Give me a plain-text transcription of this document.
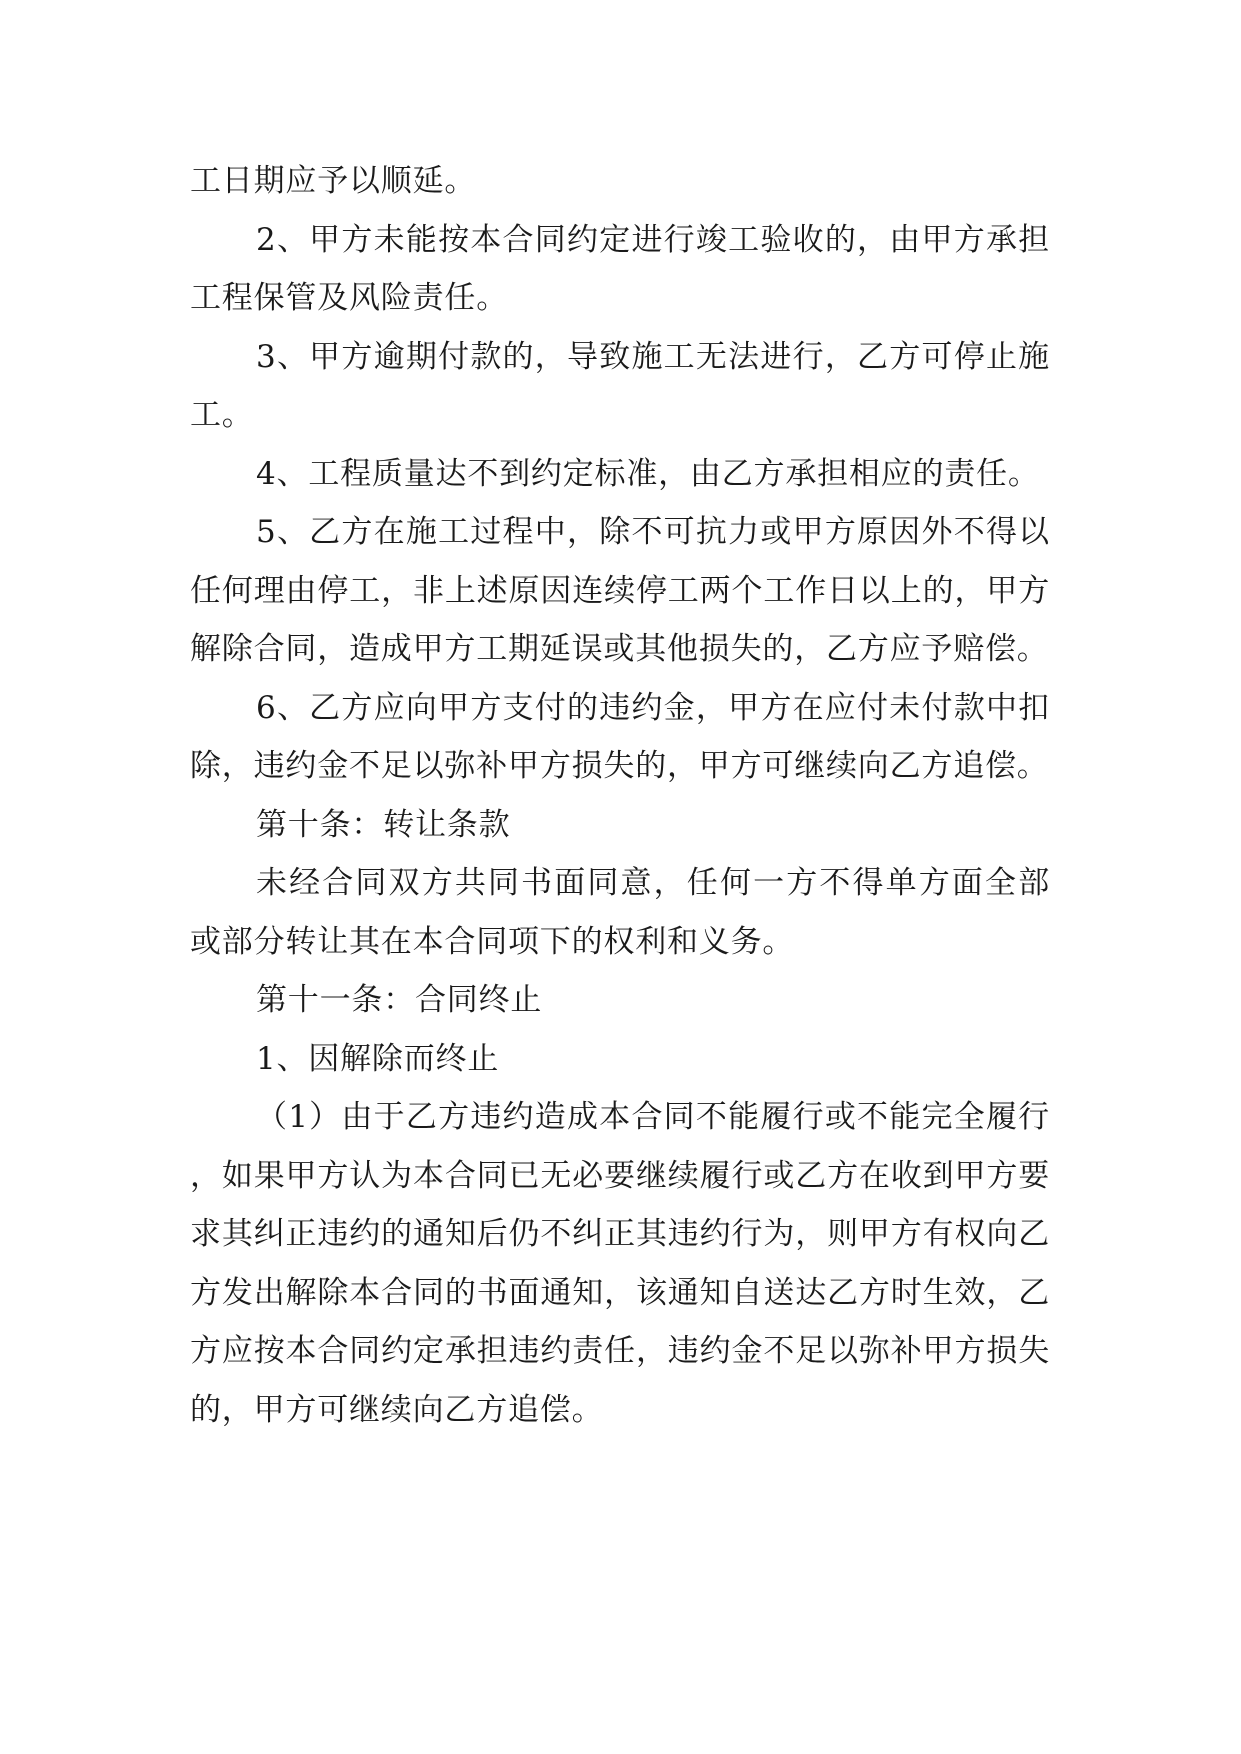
工日期应予以顺延。

2、甲方未能按本合同约定进行竣工验收的，由甲方承担工程保管及风险责任。

3、甲方逾期付款的，导致施工无法进行，乙方可停止施工。

4、工程质量达不到约定标准，由乙方承担相应的责任。

5、乙方在施工过程中，除不可抗力或甲方原因外不得以任何理由停工，非上述原因连续停工两个工作日以上的，甲方解除合同，造成甲方工期延误或其他损失的，乙方应予赔偿。

6、乙方应向甲方支付的违约金，甲方在应付未付款中扣除，违约金不足以弥补甲方损失的，甲方可继续向乙方追偿。

第十条：转让条款

未经合同双方共同书面同意，任何一方不得单方面全部或部分转让其在本合同项下的权利和义务。

第十一条：合同终止

1、因解除而终止

（1）由于乙方违约造成本合同不能履行或不能完全履行，如果甲方认为本合同已无必要继续履行或乙方在收到甲方要求其纠正违约的通知后仍不纠正其违约行为，则甲方有权向乙方发出解除本合同的书面通知，该通知自送达乙方时生效，乙方应按本合同约定承担违约责任，违约金不足以弥补甲方损失的，甲方可继续向乙方追偿。
